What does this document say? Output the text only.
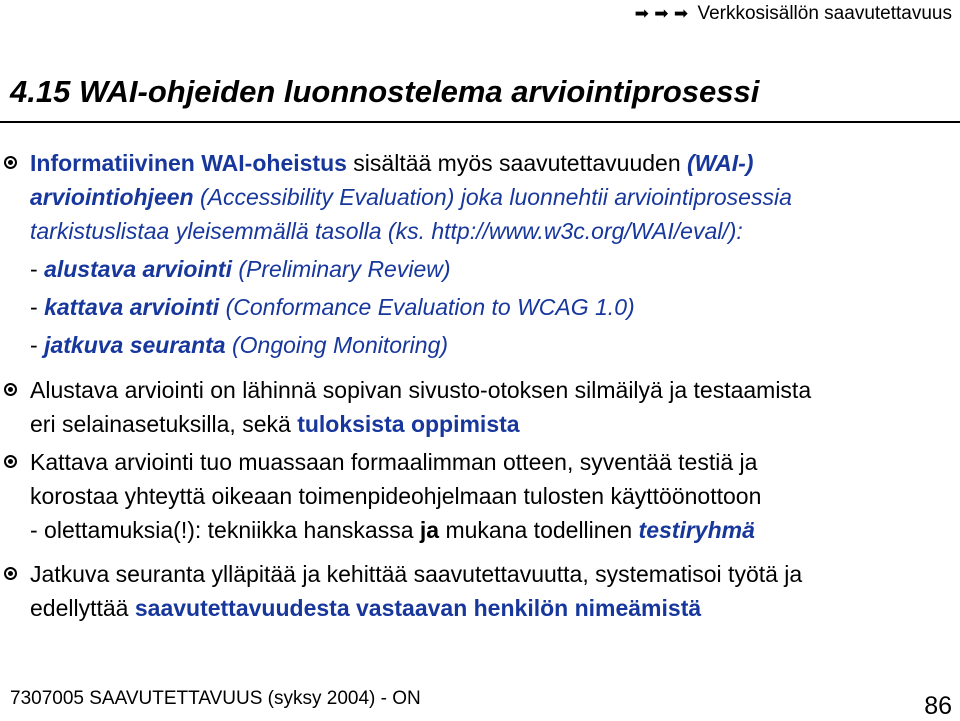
➡ ➡ ➡ Verkkosisällön saavutettavuus
4.15 WAI-ohjeiden luonnostelema arviointiprosessi
Informatiivinen WAI-oheistus sisältää myös saavutettavuuden (WAI-)
arviointiohjeen (Accessibility Evaluation) joka luonnehtii arviointiprosessia
tarkistuslistaa yleisemmällä tasolla (ks. http://www.w3c.org/WAI/eval/):
- alustava arviointi (Preliminary Review)
- kattava arviointi (Conformance Evaluation to WCAG 1.0)
- jatkuva seuranta (Ongoing Monitoring)
Alustava arviointi on lähinnä sopivan sivusto-otoksen silmäilyä ja testaamista
eri selainasetuksilla, sekä tuloksista oppimista
Kattava arviointi tuo muassaan formaalimman otteen, syventää testiä ja
korostaa yhteyttä oikeaan toimenpideohjelmaan tulosten käyttöönottoon
- olettamuksia(!): tekniikka hanskassa ja mukana todellinen testiryhmä
Jatkuva seuranta ylläpitää ja kehittää saavutettavuutta, systematisoi työtä ja
edellyttää saavutettavuudesta vastaavan henkilön nimeämistä
7307005 SAAVUTETTAVUUS (syksy 2004) - ON	86
